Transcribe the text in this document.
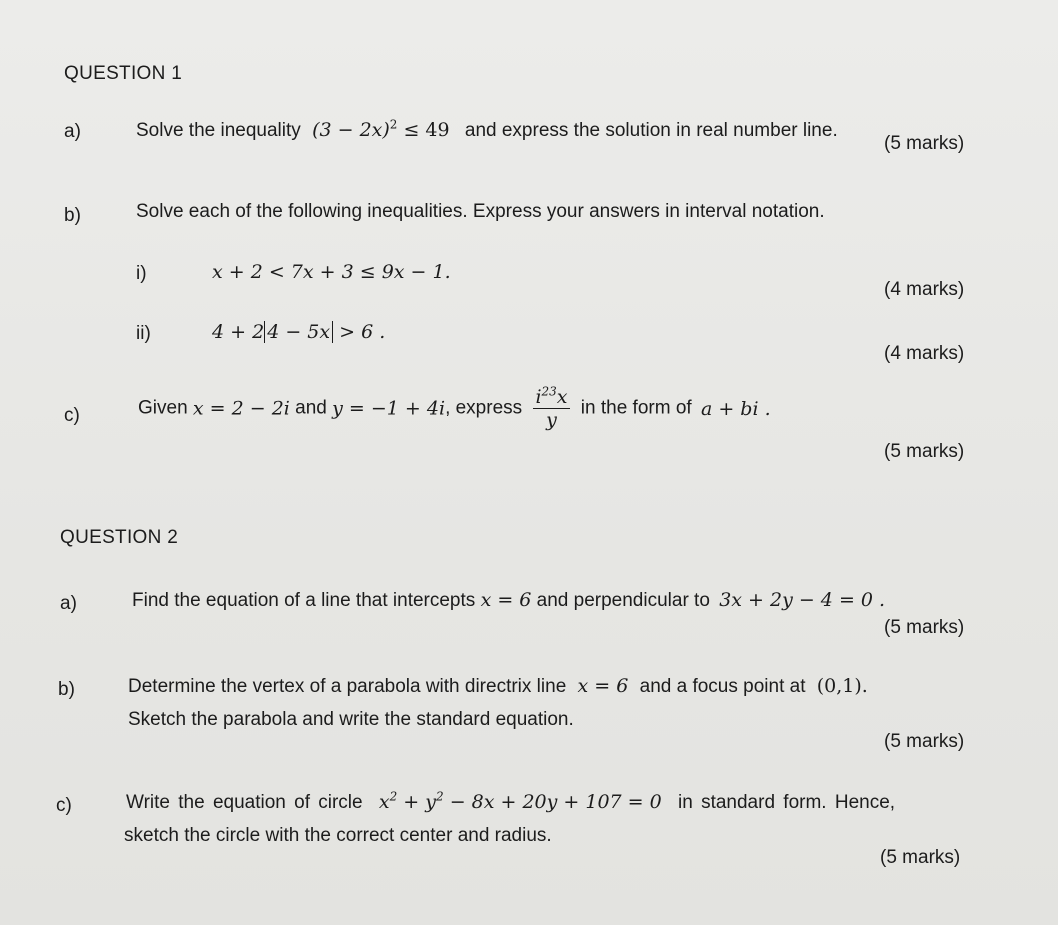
QUESTION 1
a)	Solve the inequality $(3 - 2x)^2 \le 49$ and express the solution in real number line.
(5 marks)
b)	Solve each of the following inequalities. Express your answers in interval notation.
i)	x + 2 < 7x + 3 ≤ 9x − 1.
(4 marks)
ii)	4 + 2 4 − 5x > 6 .
(4 marks)
c)	Given x = 2 − 2i and y = −1 + 4i, express $\frac{i^{23}x}{y}$ in the form of a + bi .
(5 marks)
QUESTION 2
a)	Find the equation of a line that intercepts x = 6 and perpendicular to 3x + 2y − 4 = 0 .
(5 marks)
b)	Determine the vertex of a parabola with directrix line x = 6 and a focus point at (0,1).
Sketch the parabola and write the standard equation.
(5 marks)
c)	Write the equation of circle $x^2 + y^2 - 8x + 20y + 107 = 0$ in standard form. Hence,
sketch the circle with the correct center and radius.
(5 marks)
